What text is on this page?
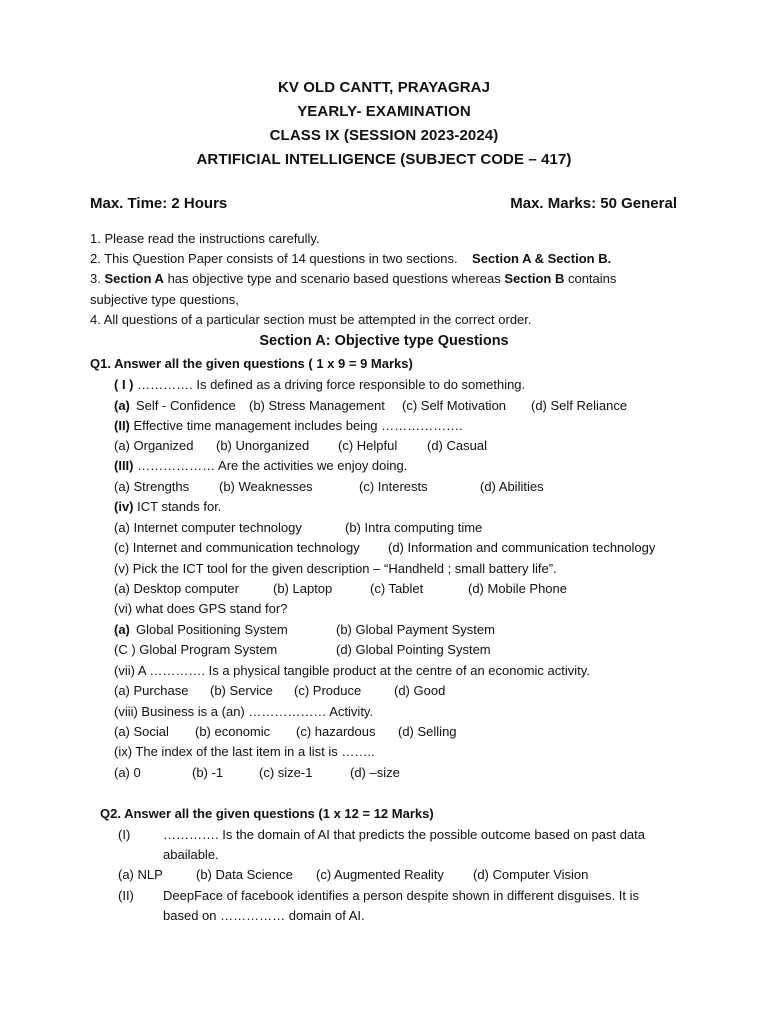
KV OLD CANTT, PRAYAGRAJ
YEARLY- EXAMINATION
CLASS IX (SESSION 2023-2024)
ARTIFICIAL INTELLIGENCE (SUBJECT CODE – 417)
Max. Time: 2 Hours	Max. Marks: 50 General
1. Please read the instructions carefully.
2. This Question Paper consists of 14 questions in two sections. Section A & Section B.
3. Section A has objective type and scenario based questions whereas Section B contains
subjective type questions,
4. All questions of a particular section must be attempted in the correct order.
Section A: Objective type Questions
Q1. Answer all the given questions ( 1 x 9 = 9 Marks)
( I ) …………. Is defined as a driving force responsible to do something.
(a) Self - Confidence (b) Stress Management (c) Self Motivation (d) Self Reliance
(II) Effective time management includes being ……………….
(a) Organized (b) Unorganized (c) Helpful (d) Casual
(III) ……………… Are the activities we enjoy doing.
(a) Strengths (b) Weaknesses	(c) Interests	(d) Abilities
(iv) ICT stands for.
(a) Internet computer technology	(b) Intra computing time
(c) Internet and communication technology (d) Information and communication technology
(v) Pick the ICT tool for the given description – “Handheld ; small battery life”.
(a) Desktop computer	(b) Laptop	(c) Tablet	(d) Mobile Phone
(vi) what does GPS stand for?
(a) Global Positioning System	(b) Global Payment System
(C ) Global Program System	(d) Global Pointing System
(vii) A …………. Is a physical tangible product at the centre of an economic activity.
(a) Purchase (b) Service (c) Produce	(d) Good
(viii) Business is a (an) ……………… Activity.
(a) Social (b) economic (c) hazardous (d) Selling
(ix) The index of the last item in a list is ……..
(a) 0	(b) -1	(c) size-1	(d) –size
Q2. Answer all the given questions (1 x 12 = 12 Marks)
(I)	…………. Is the domain of AI that predicts the possible outcome based on past data
abailable.
(a) NLP	(b) Data Science (c) Augmented Reality (d) Computer Vision
(II) DeepFace of facebook identifies a person despite shown in different disguises. It is
based on …………… domain of AI.
